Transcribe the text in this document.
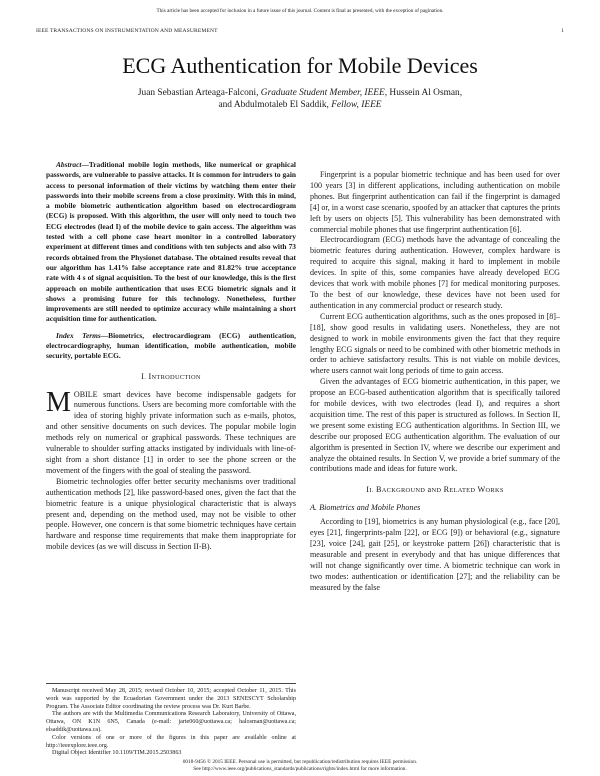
This article has been accepted for inclusion in a future issue of this journal. Content is final as presented, with the exception of pagination.
IEEE TRANSACTIONS ON INSTRUMENTATION AND MEASUREMENT	1
ECG Authentication for Mobile Devices
Juan Sebastian Arteaga-Falconi, Graduate Student Member, IEEE, Hussein Al Osman,
and Abdulmotaleb El Saddik, Fellow, IEEE

Abstract—Traditional mobile login methods, like numerical or graphical passwords, are vulnerable to passive attacks. It is common for intruders to gain access to personal information of their victims by watching them enter their passwords into their mobile screens from a close proximity. With this in mind, a mobile biometric authentication algorithm based on electrocardiogram (ECG) is proposed. With this algorithm, the user will only need to touch two ECG electrodes (lead I) of the mobile device to gain access. The algorithm was tested with a cell phone case heart monitor in a controlled laboratory experiment at different times and conditions with ten subjects and also with 73 records obtained from the Physionet database. The obtained results reveal that our algorithm has 1.41% false acceptance rate and 81.82% true acceptance rate with 4 s of signal acquisition. To the best of our knowledge, this is the first approach on mobile authentication that uses ECG biometric signals and it shows a promising future for this technology. Nonetheless, further improvements are still needed to optimize accuracy while maintaining a short acquisition time for authentication.

Index Terms—Biometrics, electrocardiogram (ECG) authentication, electrocardiography, human identification, mobile authentication, mobile security, portable ECG.

I. INTRODUCTION

MOBILE smart devices have become indispensable gadgets for numerous functions. Users are becoming more comfortable with the idea of storing highly private information such as e-mails, photos, and other sensitive documents on such devices. The popular mobile login methods rely on numerical or graphical passwords. These techniques are vulnerable to shoulder surfing attacks instigated by individuals with line-of-sight from a short distance [1] in order to see the phone screen or the movement of the fingers with the goal of stealing the password.

Biometric technologies offer better security mechanisms over traditional authentication methods [2], like password-based ones, given the fact that the biometric feature is a unique physiological characteristic that is always present and, depending on the method used, may not be visible to other people. However, one concern is that some biometric techniques have certain hardware and response time requirements that make them inappropriate for mobile devices (as we will discuss in Section II-B).

Manuscript received May 28, 2015; revised October 10, 2015; accepted October 11, 2015. This work was supported by the Ecuadorian Government under the 2013 SENESCYT Scholarship Program. The Associate Editor coordinating the review process was Dr. Kurt Barbe.
The authors are with the Multimedia Communications Research Laboratory, University of Ottawa, Ottawa, ON K1N 6N5, Canada (e-mail: jarte060@uottawa.ca; halosman@uottawa.ca; elsaddik@uottawa.ca).
Color versions of one or more of the figures in this paper are available online at http://ieeexplore.ieee.org.
Digital Object Identifier 10.1109/TIM.2015.2503863

Fingerprint is a popular biometric technique and has been used for over 100 years [3] in different applications, including authentication on mobile phones. But fingerprint authentication can fail if the fingerprint is damaged [4] or, in a worst case scenario, spoofed by an attacker that captures the prints left by users on objects [5]. This vulnerability has been demonstrated with commercial mobile phones that use fingerprint authentication [6].

Electrocardiogram (ECG) methods have the advantage of concealing the biometric features during authentication. However, complex hardware is required to acquire this signal, making it hard to implement in mobile devices. In spite of this, some companies have already developed ECG devices that work with mobile phones [7] for medical monitoring purposes. To the best of our knowledge, these devices have not been used for authentication in any commercial product or research study.

Current ECG authentication algorithms, such as the ones proposed in [8]–[18], show good results in validating users. Nonetheless, they are not designed to work in mobile environments given the fact that they require lengthy ECG signals or need to be combined with other biometric methods in order to achieve satisfactory results. This is not viable on mobile devices, where users cannot wait long periods of time to gain access.

Given the advantages of ECG biometric authentication, in this paper, we propose an ECG-based authentication algorithm that is specifically tailored for mobile devices, with two electrodes (lead I), and requires a short acquisition time. The rest of this paper is structured as follows. In Section II, we present some existing ECG authentication algorithms. In Section III, we describe our proposed ECG authentication algorithm. The evaluation of our algorithm is presented in Section IV, where we describe our experiment and analyze the obtained results. In Section V, we provide a brief summary of the contributions made and ideas for future work.

II. BACKGROUND aND RELATED WORKS
A. Biometrics and Mobile Phones

According to [19], biometrics is any human physiological (e.g., face [20], eyes [21], fingerprints-palm [22], or ECG [9]) or behavioral (e.g., signature [23], voice [24], gait [25], or keystroke pattern [26]) characteristic that is measurable and present in everybody and that has unique differences that will not change significantly over time. A biometric technique can work in two modes: authentication or identification [27]; and the reliability can be measured by the false

0018-9456 © 2015 IEEE. Personal use is permitted, but republication/redistribution requires IEEE permission.
See http://www.ieee.org/publications_standards/publications/rights/index.html for more information.
